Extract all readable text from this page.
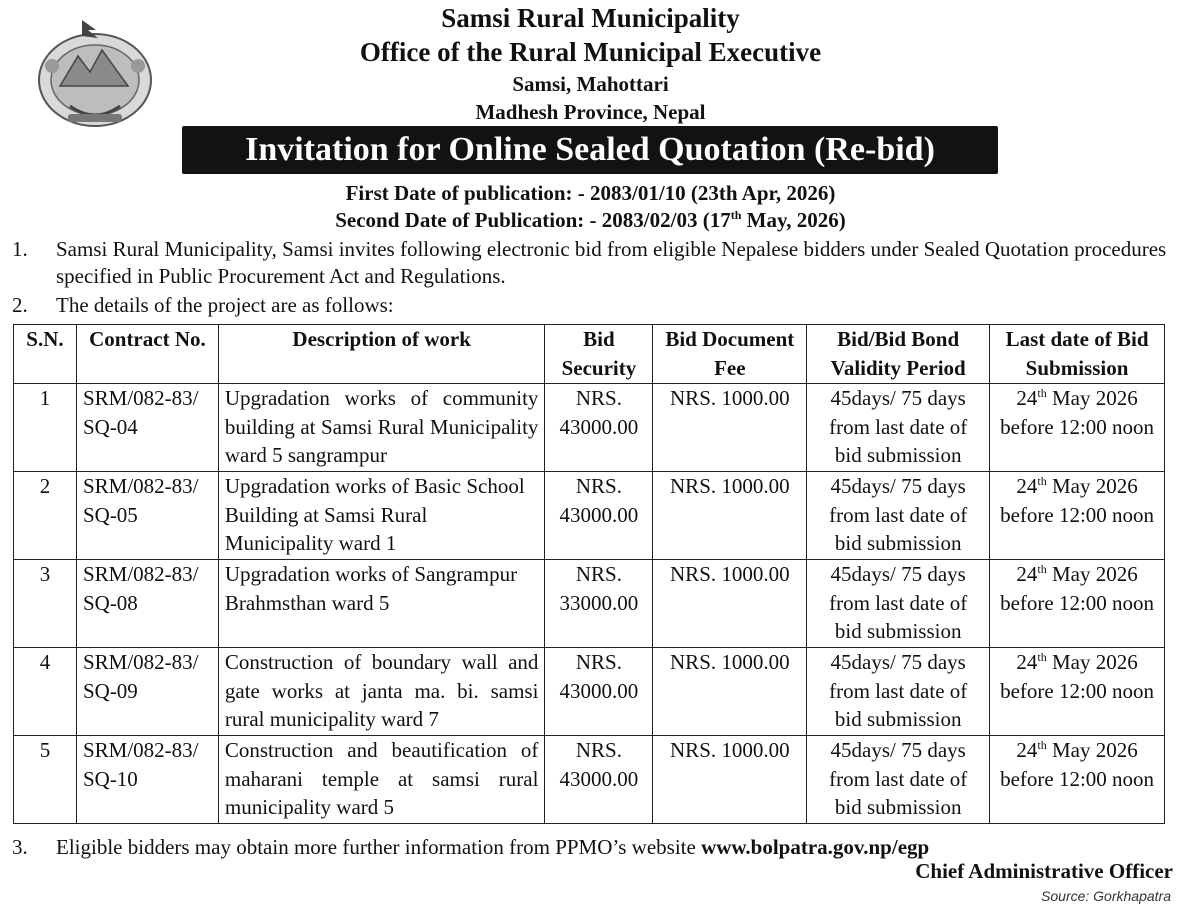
Samsi Rural Municipality
Office of the Rural Municipal Executive
Samsi, Mahottari
Madhesh Province, Nepal
Invitation for Online Sealed Quotation (Re-bid)
First Date of publication: - 2083/01/10 (23th Apr, 2026)
Second Date of Publication: - 2083/02/03 (17th May, 2026)
1. Samsi Rural Municipality, Samsi invites following electronic bid from eligible Nepalese bidders under Sealed Quotation procedures specified in Public Procurement Act and Regulations.
2. The details of the project are as follows:
S.N.	Contract No.	Description of work	Bid Security	Bid Document Fee	Bid/Bid Bond Validity Period	Last date of Bid Submission
1	SRM/082-83/ SQ-04	Upgradation works of community building at Samsi Rural Municipality ward 5 sangrampur	NRS. 43000.00	NRS. 1000.00	45days/ 75 days from last date of bid submission	24th May 2026 before 12:00 noon
2	SRM/082-83/ SQ-05	Upgradation works of Basic School Building at Samsi Rural Municipality ward 1	NRS. 43000.00	NRS. 1000.00	45days/ 75 days from last date of bid submission	24th May 2026 before 12:00 noon
3	SRM/082-83/ SQ-08	Upgradation works of Sangrampur Brahmsthan ward 5	NRS. 33000.00	NRS. 1000.00	45days/ 75 days from last date of bid submission	24th May 2026 before 12:00 noon
4	SRM/082-83/ SQ-09	Construction of boundary wall and gate works at janta ma. bi. samsi rural municipality ward 7	NRS. 43000.00	NRS. 1000.00	45days/ 75 days from last date of bid submission	24th May 2026 before 12:00 noon
5	SRM/082-83/ SQ-10	Construction and beautification of maharani temple at samsi rural municipality ward 5	NRS. 43000.00	NRS. 1000.00	45days/ 75 days from last date of bid submission	24th May 2026 before 12:00 noon
3. Eligible bidders may obtain more further information from PPMO’s website www.bolpatra.gov.np/egp
Chief Administrative Officer
Source: Gorkhapatra
